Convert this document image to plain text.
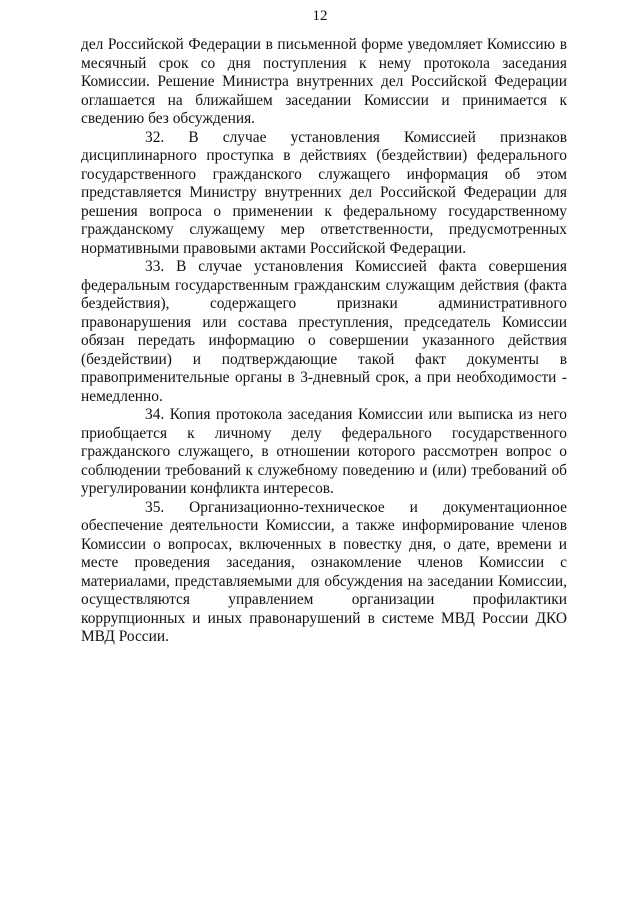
12

дел Российской Федерации в письменной форме уведомляет Комиссию в месячный срок со дня поступления к нему протокола заседания Комиссии. Решение Министра внутренних дел Российской Федерации оглашается на ближайшем заседании Комиссии и принимается к сведению без обсуждения.

32. В случае установления Комиссией признаков дисциплинарного проступка в действиях (бездействии) федерального государственного гражданского служащего информация об этом представляется Министру внутренних дел Российской Федерации для решения вопроса о применении к федеральному государственному гражданскому служащему мер ответственности, предусмотренных нормативными правовыми актами Российской Федерации.

33. В случае установления Комиссией факта совершения федеральным государственным гражданским служащим действия (факта бездействия), содержащего признаки административного правонарушения или состава преступления, председатель Комиссии обязан передать информацию о совершении указанного действия (бездействии) и подтверждающие такой факт документы в правоприменительные органы в 3-дневный срок, а при необходимости - немедленно.

34. Копия протокола заседания Комиссии или выписка из него приобщается к личному делу федерального государственного гражданского служащего, в отношении которого рассмотрен вопрос о соблюдении требований к служебному поведению и (или) требований об урегулировании конфликта интересов.

35. Организационно-техническое и документационное обеспечение деятельности Комиссии, а также информирование членов Комиссии о вопросах, включенных в повестку дня, о дате, времени и месте проведения заседания, ознакомление членов Комиссии с материалами, представляемыми для обсуждения на заседании Комиссии, осуществляются управлением организации профилактики коррупционных и иных правонарушений в системе МВД России ДКО МВД России.
